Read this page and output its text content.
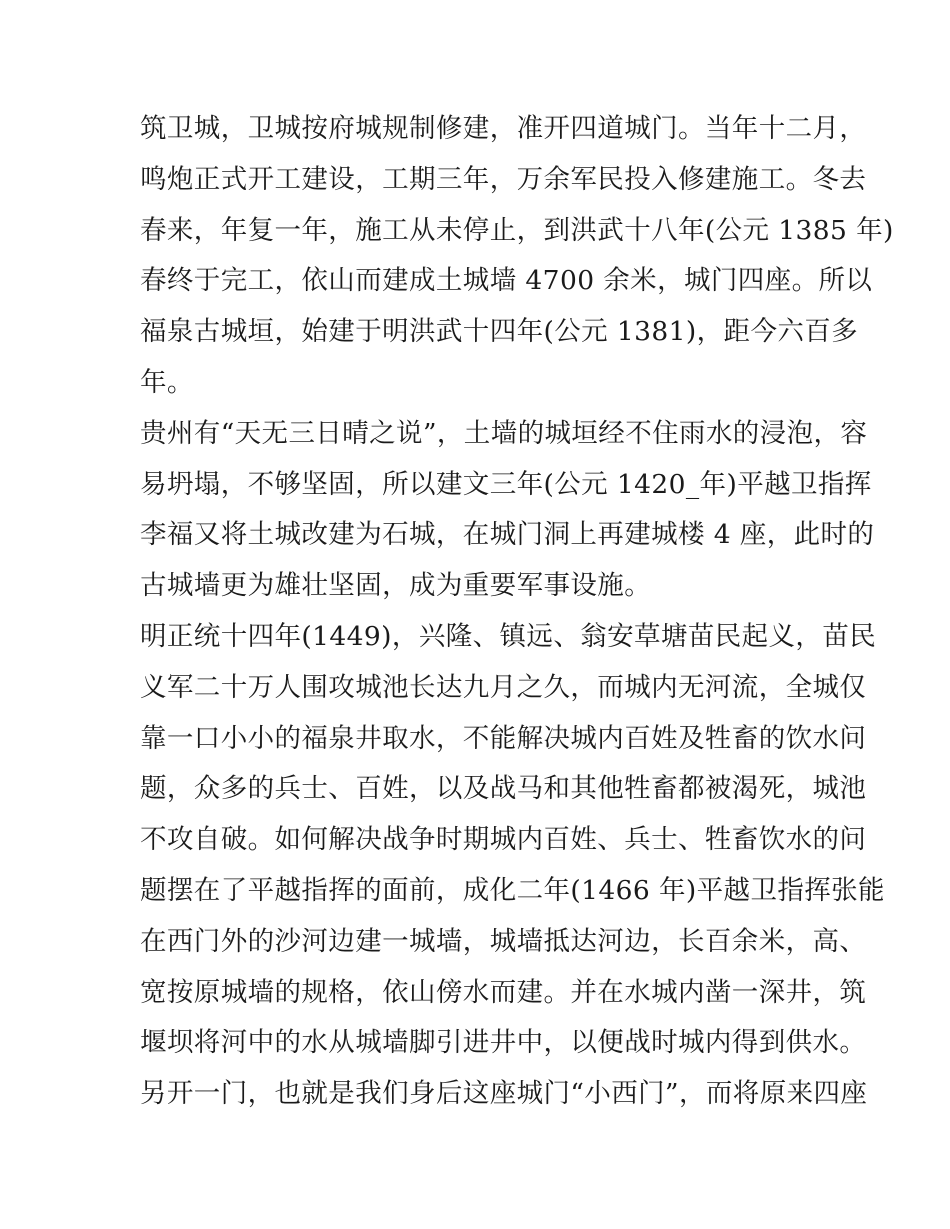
筑卫城，卫城按府城规制修建，准开四道城门。当年十二月，
鸣炮正式开工建设，工期三年，万余军民投入修建施工。冬去
春来，年复一年，施工从未停止，到洪武十八年(公元 1385 年)
春终于完工，依山而建成土城墙 4700 余米，城门四座。所以
福泉古城垣，始建于明洪武十四年(公元 1381)，距今六百多
年。
贵州有“天无三日晴之说”，土墙的城垣经不住雨水的浸泡，容
易坍塌，不够坚固，所以建文三年(公元 1420_年)平越卫指挥
李福又将土城改建为石城，在城门洞上再建城楼 4 座，此时的
古城墙更为雄壮坚固，成为重要军事设施。
明正统十四年(1449)，兴隆、镇远、翁安草塘苗民起义，苗民
义军二十万人围攻城池长达九月之久，而城内无河流，全城仅
靠一口小小的福泉井取水，不能解决城内百姓及牲畜的饮水问
题，众多的兵士、百姓，以及战马和其他牲畜都被渴死，城池
不攻自破。如何解决战争时期城内百姓、兵士、牲畜饮水的问
题摆在了平越指挥的面前，成化二年(1466 年)平越卫指挥张能
在西门外的沙河边建一城墙，城墙抵达河边，长百余米，高、
宽按原城墙的规格，依山傍水而建。并在水城内凿一深井，筑
堰坝将河中的水从城墙脚引进井中，以便战时城内得到供水。
另开一门，也就是我们身后这座城门“小西门”，而将原来四座
